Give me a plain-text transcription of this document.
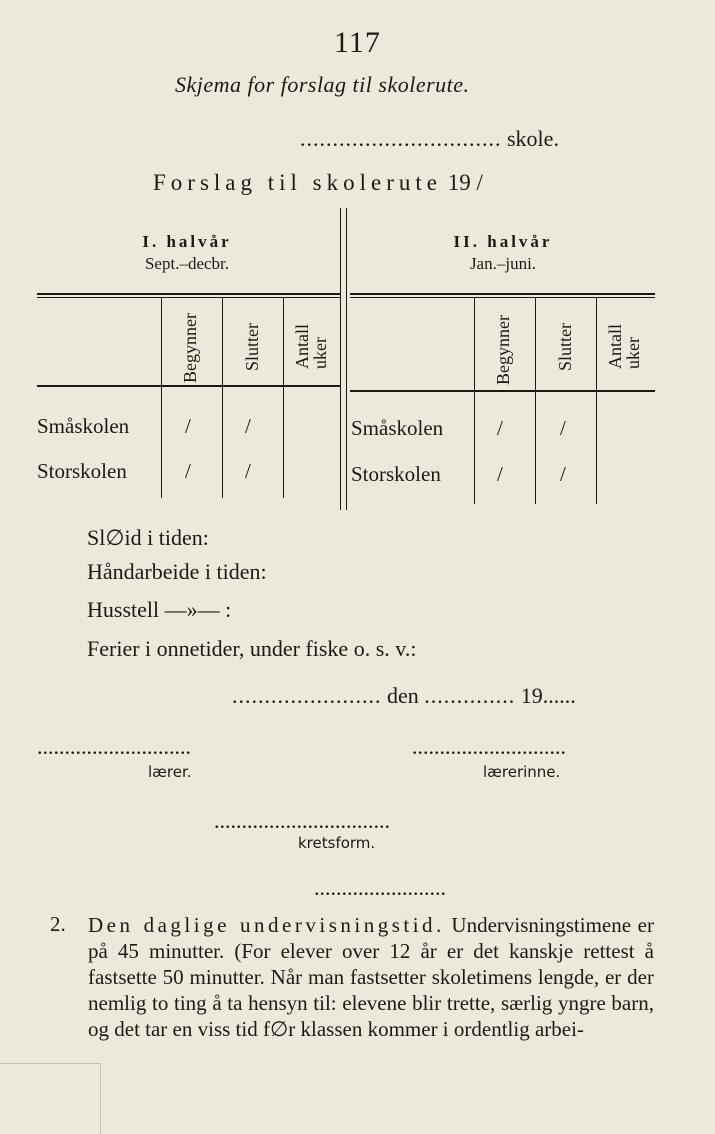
117
Skjema for forslag til skolerute.
............................... skole.
Forslag til skolerute 19 /
I. halvår
Sept.–decbr.
II. halvår
Jan.–juni.
Begynner Slutter Antall uker	Begynner Slutter Antall uker
Småskolen	/	/
Storskolen	/	/
Småskolen	/	/
Storskolen	/	/
Sl∅id i tiden:
Håndarbeide i tiden:
Husstell —»— :
Ferier i onnetider, under fiske o. s. v.:
....................... den .............. 19......
............................
lærer.
............................
lærerinne.
................................
kretsform.
........................
2. Den daglige undervisningstid. Undervisningstimene er på 45 minutter. (For elever over 12 år er det kanskje rettest å fastsette 50 minutter. Når man fastsetter skoletimens lengde, er der nemlig to ting å ta hensyn til: elevene blir trette, særlig yngre barn, og det tar en viss tid f∅r klassen kommer i ordentlig arbei-
